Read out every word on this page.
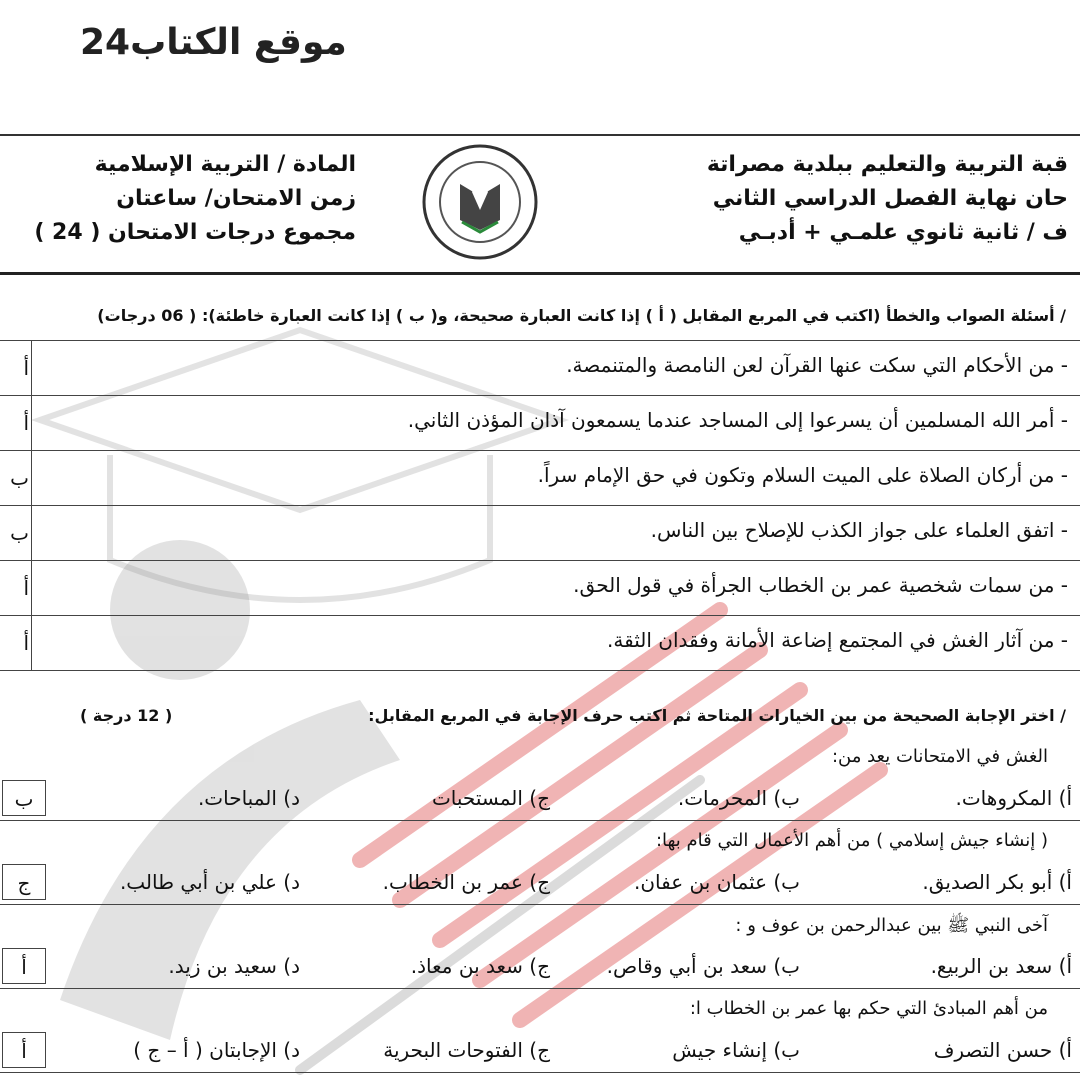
موقع الكتاب24
قبة التربية والتعليم ببلدية مصراتة
حان نهاية الفصل الدراسي الثاني
ف / ثانية ثانوي علمـي + أدبـي
المادة / التربية الإسلامية
زمن الامتحان/ ساعتان
مجموع درجات الامتحان ( 24 )
/ أسئلة الصواب والخطأ (اكتب في المربع المقابل ( أ ) إذا كانت العبارة صحيحة، و( ب ) إذا كانت العبارة خاطئة): ( 06 درجات)
- من الأحكام التي سكت عنها القرآن لعن النامصة والمتنمصة.
أ
- أمر الله المسلمين أن يسرعوا إلى المساجد عندما يسمعون آذان المؤذن الثاني.
أ
- من أركان الصلاة على الميت السلام وتكون في حق الإمام سراً.
ب
- اتفق العلماء على جواز الكذب للإصلاح بين الناس.
ب
- من سمات شخصية عمر بن الخطاب الجرأة في قول الحق.
أ
- من آثار الغش في المجتمع إضاعة الأمانة وفقدان الثقة.
أ
/ اختر الإجابة الصحيحة من بين الخيارات المتاحة ثم اكتب حرف الإجابة في المربع المقابل:
( 12 درجة )
الغش في الامتحانات يعد من:
أ) المكروهات.
ب) المحرمات.
ج) المستحبات
د) المباحات.
ب
( إنشاء جيش إسلامي ) من أهم الأعمال التي قام بها:
أ) أبو بكر الصديق.
ب) عثمان بن عفان.
ج) عمر بن الخطاب.
د) علي بن أبي طالب.
ج
آخى النبي ﷺ بين عبدالرحمن بن عوف و :
أ) سعد بن الربيع.
ب) سعد بن أبي وقاص.
ج) سعد بن معاذ.
د) سعيد بن زيد.
أ
من أهم المبادئ التي حكم بها عمر بن الخطاب ا:
أ) حسن التصرف
ب) إنشاء جيش
ج) الفتوحات البحرية
د) الإجابتان ( أ – ج )
أ
